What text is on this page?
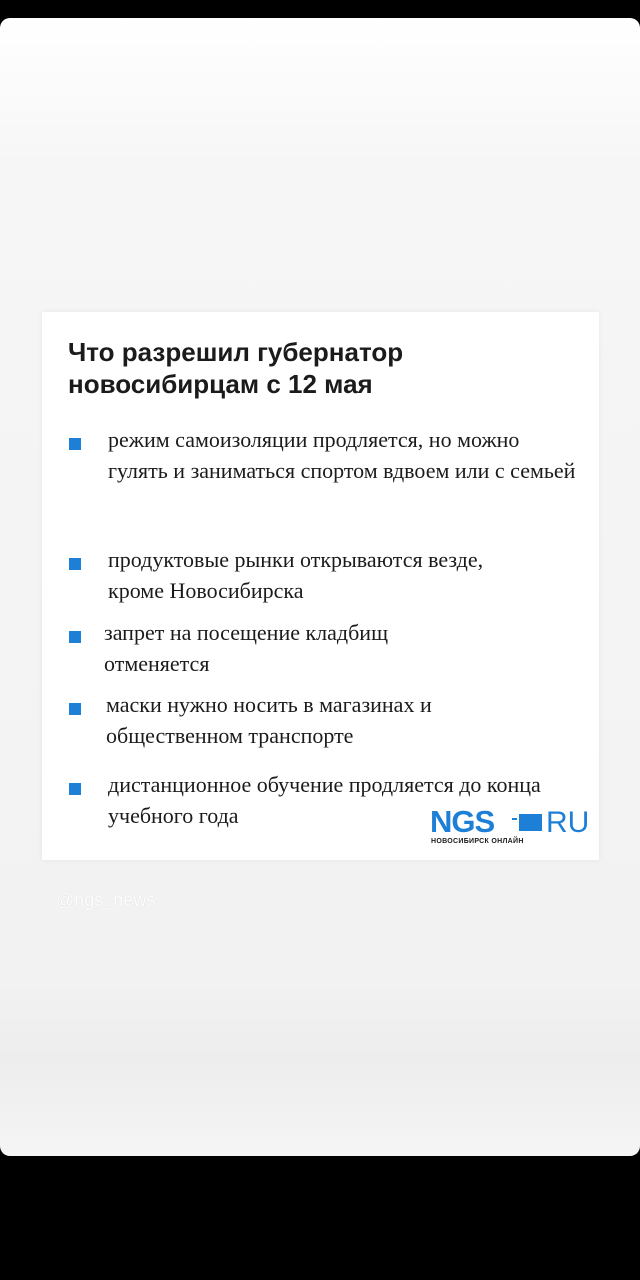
Что разрешил губернатор новосибирцам с 12 мая
режим самоизоляции продляется, но можно гулять и заниматься спортом вдвоем или с семьей
продуктовые рынки открываются везде, кроме Новосибирска
запрет на посещение кладбищ отменяется
маски нужно носить в магазинах и общественном транспорте
дистанционное обучение продляется до конца учебного года	NGS RU
НОВОСИБИРСК ОНЛАЙН
@ngs_news
